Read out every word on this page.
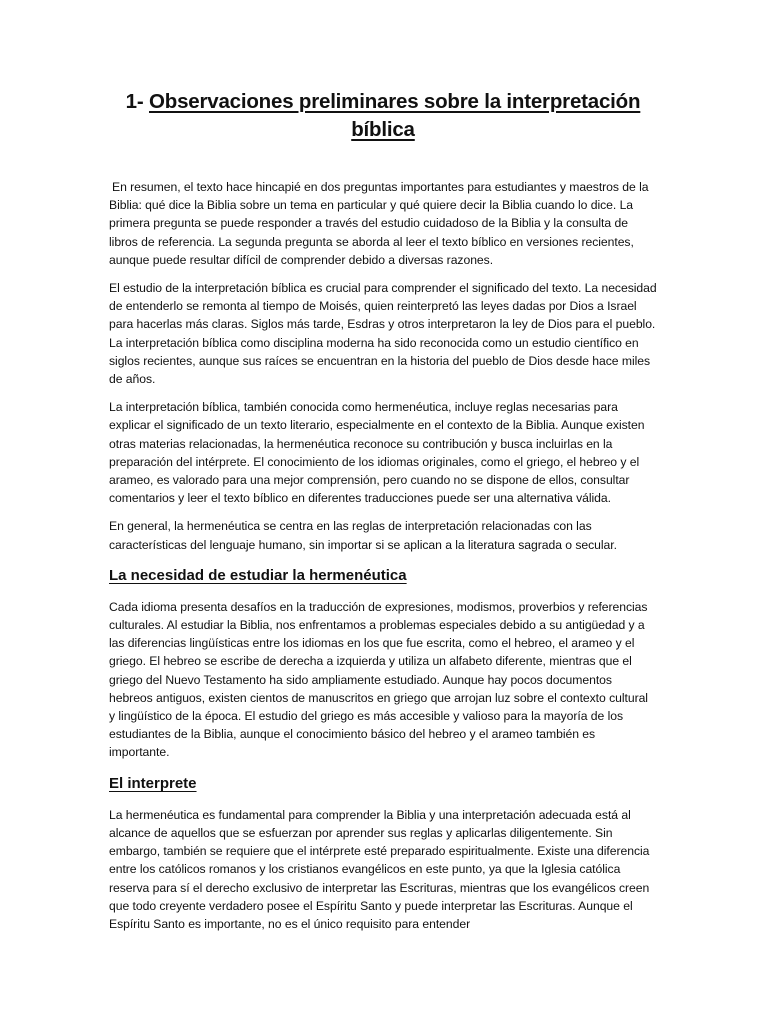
1- Observaciones preliminares sobre la interpretación bíblica

En resumen, el texto hace hincapié en dos preguntas importantes para estudiantes y maestros de la Biblia: qué dice la Biblia sobre un tema en particular y qué quiere decir la Biblia cuando lo dice. La primera pregunta se puede responder a través del estudio cuidadoso de la Biblia y la consulta de libros de referencia. La segunda pregunta se aborda al leer el texto bíblico en versiones recientes, aunque puede resultar difícil de comprender debido a diversas razones.

El estudio de la interpretación bíblica es crucial para comprender el significado del texto. La necesidad de entenderlo se remonta al tiempo de Moisés, quien reinterpretó las leyes dadas por Dios a Israel para hacerlas más claras. Siglos más tarde, Esdras y otros interpretaron la ley de Dios para el pueblo. La interpretación bíblica como disciplina moderna ha sido reconocida como un estudio científico en siglos recientes, aunque sus raíces se encuentran en la historia del pueblo de Dios desde hace miles de años.

La interpretación bíblica, también conocida como hermenéutica, incluye reglas necesarias para explicar el significado de un texto literario, especialmente en el contexto de la Biblia. Aunque existen otras materias relacionadas, la hermenéutica reconoce su contribución y busca incluirlas en la preparación del intérprete. El conocimiento de los idiomas originales, como el griego, el hebreo y el arameo, es valorado para una mejor comprensión, pero cuando no se dispone de ellos, consultar comentarios y leer el texto bíblico en diferentes traducciones puede ser una alternativa válida.

En general, la hermenéutica se centra en las reglas de interpretación relacionadas con las características del lenguaje humano, sin importar si se aplican a la literatura sagrada o secular.

La necesidad de estudiar la hermenéutica

Cada idioma presenta desafíos en la traducción de expresiones, modismos, proverbios y referencias culturales. Al estudiar la Biblia, nos enfrentamos a problemas especiales debido a su antigüedad y a las diferencias lingüísticas entre los idiomas en los que fue escrita, como el hebreo, el arameo y el griego. El hebreo se escribe de derecha a izquierda y utiliza un alfabeto diferente, mientras que el griego del Nuevo Testamento ha sido ampliamente estudiado. Aunque hay pocos documentos hebreos antiguos, existen cientos de manuscritos en griego que arrojan luz sobre el contexto cultural y lingüístico de la época. El estudio del griego es más accesible y valioso para la mayoría de los estudiantes de la Biblia, aunque el conocimiento básico del hebreo y el arameo también es importante.

El interprete

La hermenéutica es fundamental para comprender la Biblia y una interpretación adecuada está al alcance de aquellos que se esfuerzan por aprender sus reglas y aplicarlas diligentemente. Sin embargo, también se requiere que el intérprete esté preparado espiritualmente. Existe una diferencia entre los católicos romanos y los cristianos evangélicos en este punto, ya que la Iglesia católica reserva para sí el derecho exclusivo de interpretar las Escrituras, mientras que los evangélicos creen que todo creyente verdadero posee el Espíritu Santo y puede interpretar las Escrituras. Aunque el Espíritu Santo es importante, no es el único requisito para entender
